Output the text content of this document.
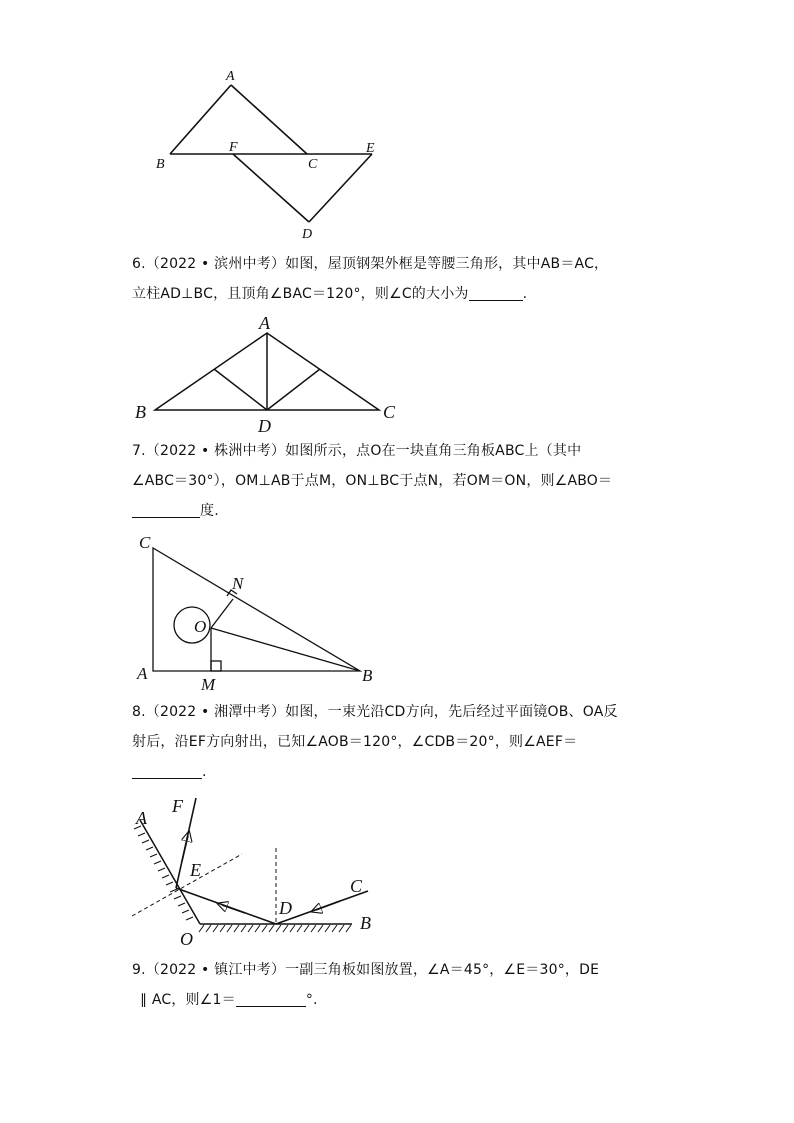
A
B
F
C
E
D
6.（2022 • 滨州中考）如图，屋顶钢架外框是等腰三角形，其中AB＝AC，
立柱AD⊥BC，且顶角∠BAC＝120°，则∠C的大小为	.
A
B	C
D
7.（2022 • 株洲中考）如图所示，点O在一块直角三角板ABC上（其中
∠ABC＝30°），OM⊥AB于点M，ON⊥BC于点N，若OM＝ON，则∠ABO＝
度.
C
N
O
A
M	B
8.（2022 • 湘潭中考）如图，一束光沿CD方向，先后经过平面镜OB、OA反
射后，沿EF方向射出，已知∠AOB＝120°，∠CDB＝20°，则∠AEF＝
.
A
F
E
C
D
O
B
9.（2022 • 镇江中考）一副三角板如图放置，∠A＝45°，∠E＝30°，DE
∥ AC，则∠1＝	°.
